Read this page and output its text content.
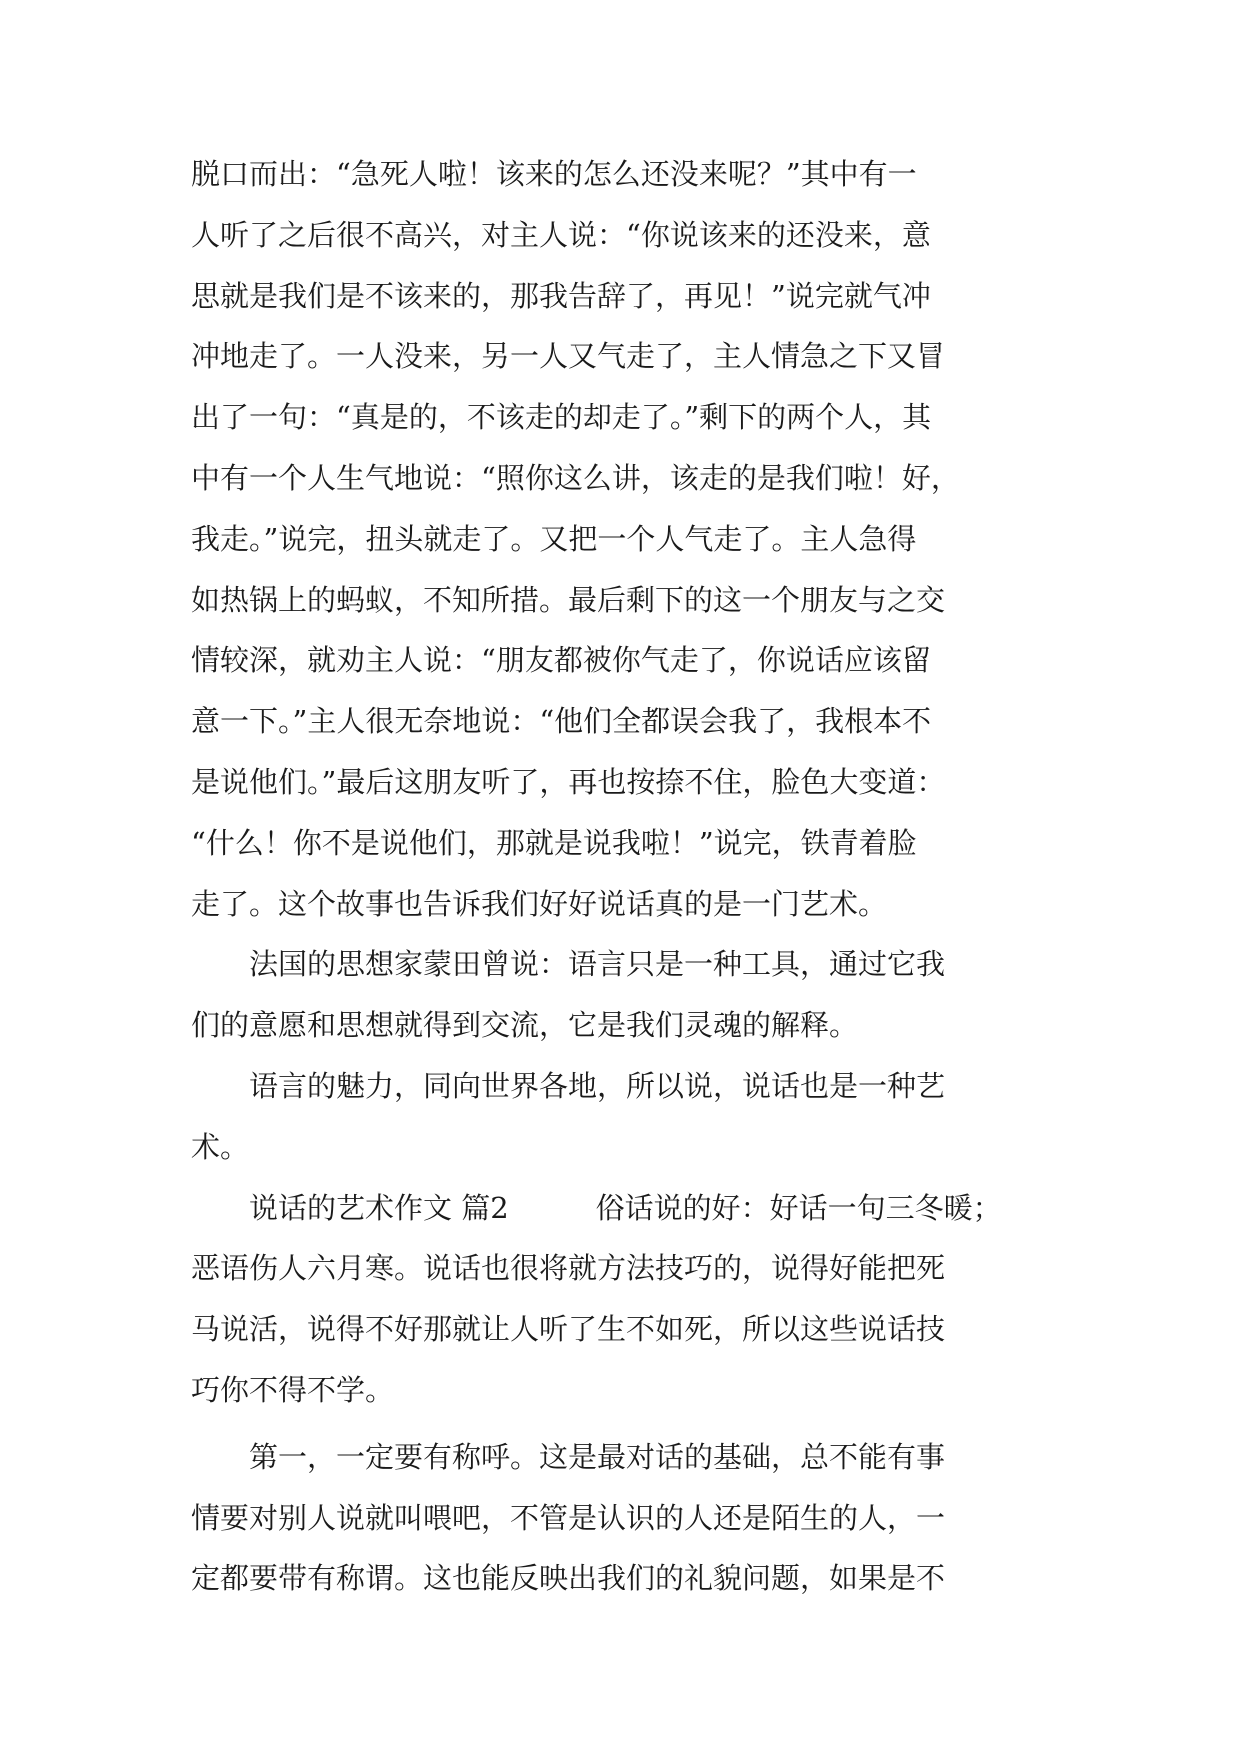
脱口而出：“急死人啦！该来的怎么还没来呢？”其中有一
人听了之后很不高兴，对主人说：“你说该来的还没来，意
思就是我们是不该来的，那我告辞了，再见！”说完就气冲
冲地走了。一人没来，另一人又气走了，主人情急之下又冒
出了一句：“真是的，不该走的却走了。”剩下的两个人，其
中有一个人生气地说：“照你这么讲，该走的是我们啦！好，
我走。”说完，扭头就走了。又把一个人气走了。主人急得
如热锅上的蚂蚁，不知所措。最后剩下的这一个朋友与之交
情较深，就劝主人说：“朋友都被你气走了，你说话应该留
意一下。”主人很无奈地说：“他们全都误会我了，我根本不
是说他们。”最后这朋友听了，再也按捺不住，脸色大变道：
“什么！你不是说他们，那就是说我啦！”说完，铁青着脸
走了。这个故事也告诉我们好好说话真的是一门艺术。
　　法国的思想家蒙田曾说：语言只是一种工具，通过它我
们的意愿和思想就得到交流，它是我们灵魂的解释。
　　语言的魅力，同向世界各地，所以说，说话也是一种艺
术。
　　说话的艺术作文 篇2　　　俗话说的好：好话一句三冬暖；
恶语伤人六月寒。说话也很将就方法技巧的，说得好能把死
马说活，说得不好那就让人听了生不如死，所以这些说话技
巧你不得不学。
　　第一，一定要有称呼。这是最对话的基础，总不能有事
情要对别人说就叫喂吧，不管是认识的人还是陌生的人，一
定都要带有称谓。这也能反映出我们的礼貌问题，如果是不
